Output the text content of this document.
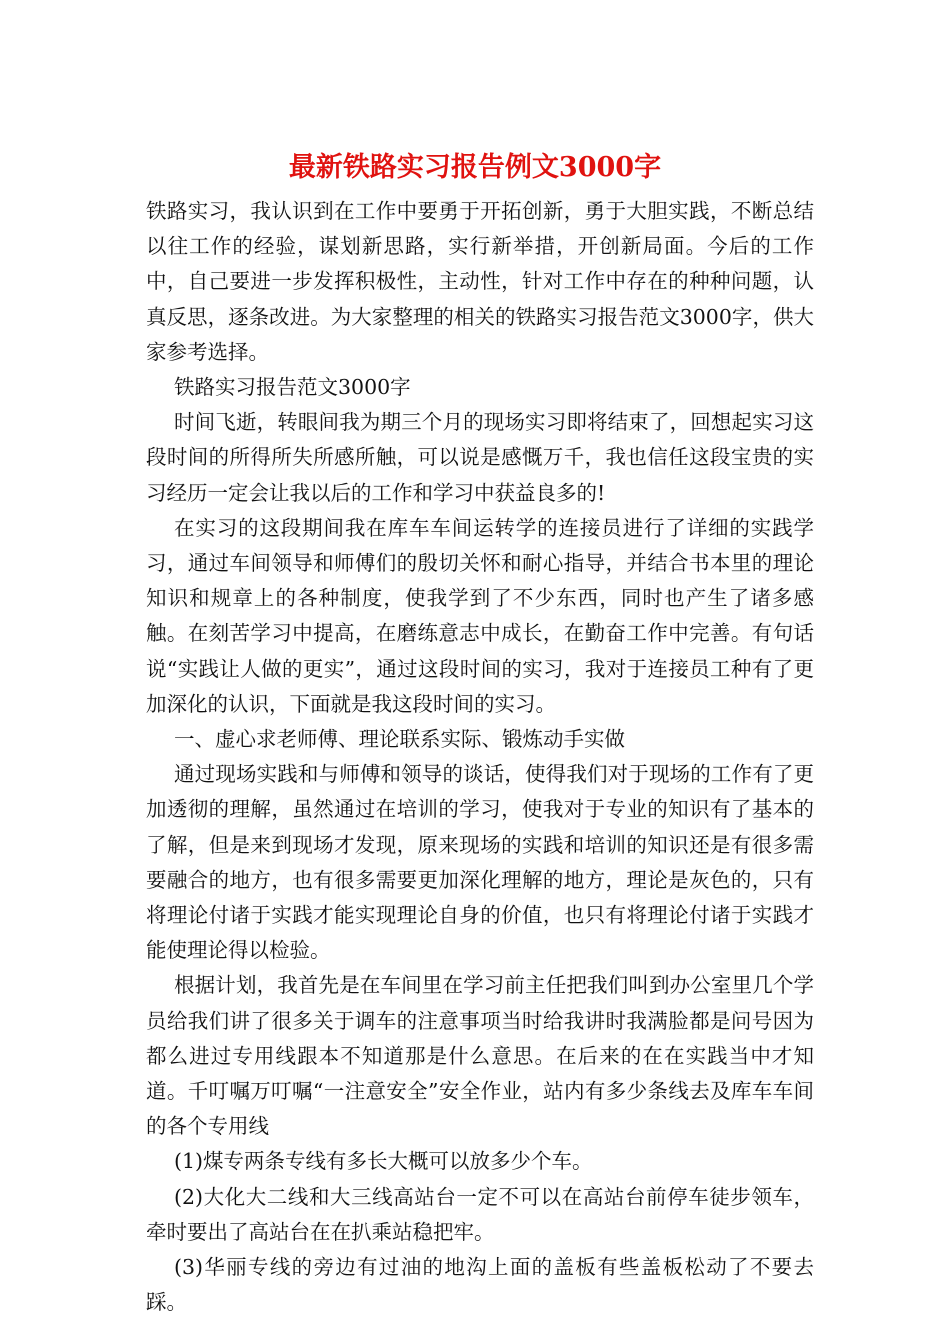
最新铁路实习报告例文3000字

铁路实习，我认识到在工作中要勇于开拓创新，勇于大胆实践，不断总结以往工作的经验，谋划新思路，实行新举措，开创新局面。今后的工作中，自己要进一步发挥积极性，主动性，针对工作中存在的种种问题，认真反思，逐条改进。为大家整理的相关的铁路实习报告范文3000字，供大家参考选择。

铁路实习报告范文3000字

时间飞逝，转眼间我为期三个月的现场实习即将结束了，回想起实习这段时间的所得所失所感所触，可以说是感慨万千，我也信任这段宝贵的实习经历一定会让我以后的工作和学习中获益良多的!

在实习的这段期间我在库车车间运转学的连接员进行了详细的实践学习，通过车间领导和师傅们的殷切关怀和耐心指导，并结合书本里的理论知识和规章上的各种制度，使我学到了不少东西，同时也产生了诸多感触。在刻苦学习中提高，在磨练意志中成长，在勤奋工作中完善。有句话说“实践让人做的更实”，通过这段时间的实习，我对于连接员工种有了更加深化的认识，下面就是我这段时间的实习。

一、虚心求老师傅、理论联系实际、锻炼动手实做

通过现场实践和与师傅和领导的谈话，使得我们对于现场的工作有了更加透彻的理解，虽然通过在培训的学习，使我对于专业的知识有了基本的了解，但是来到现场才发现，原来现场的实践和培训的知识还是有很多需要融合的地方，也有很多需要更加深化理解的地方，理论是灰色的，只有将理论付诸于实践才能实现理论自身的价值，也只有将理论付诸于实践才能使理论得以检验。

根据计划，我首先是在车间里在学习前主任把我们叫到办公室里几个学员给我们讲了很多关于调车的注意事项当时给我讲时我满脸都是问号因为都么进过专用线跟本不知道那是什么意思。在后来的在在实践当中才知道。千叮嘱万叮嘱“一注意安全”安全作业，站内有多少条线去及库车车间的各个专用线

(1)煤专两条专线有多长大概可以放多少个车。

(2)大化大二线和大三线高站台一定不可以在高站台前停车徒步领车，牵时要出了高站台在在扒乘站稳把牢。

(3)华丽专线的旁边有过油的地沟上面的盖板有些盖板松动了不要去踩。
